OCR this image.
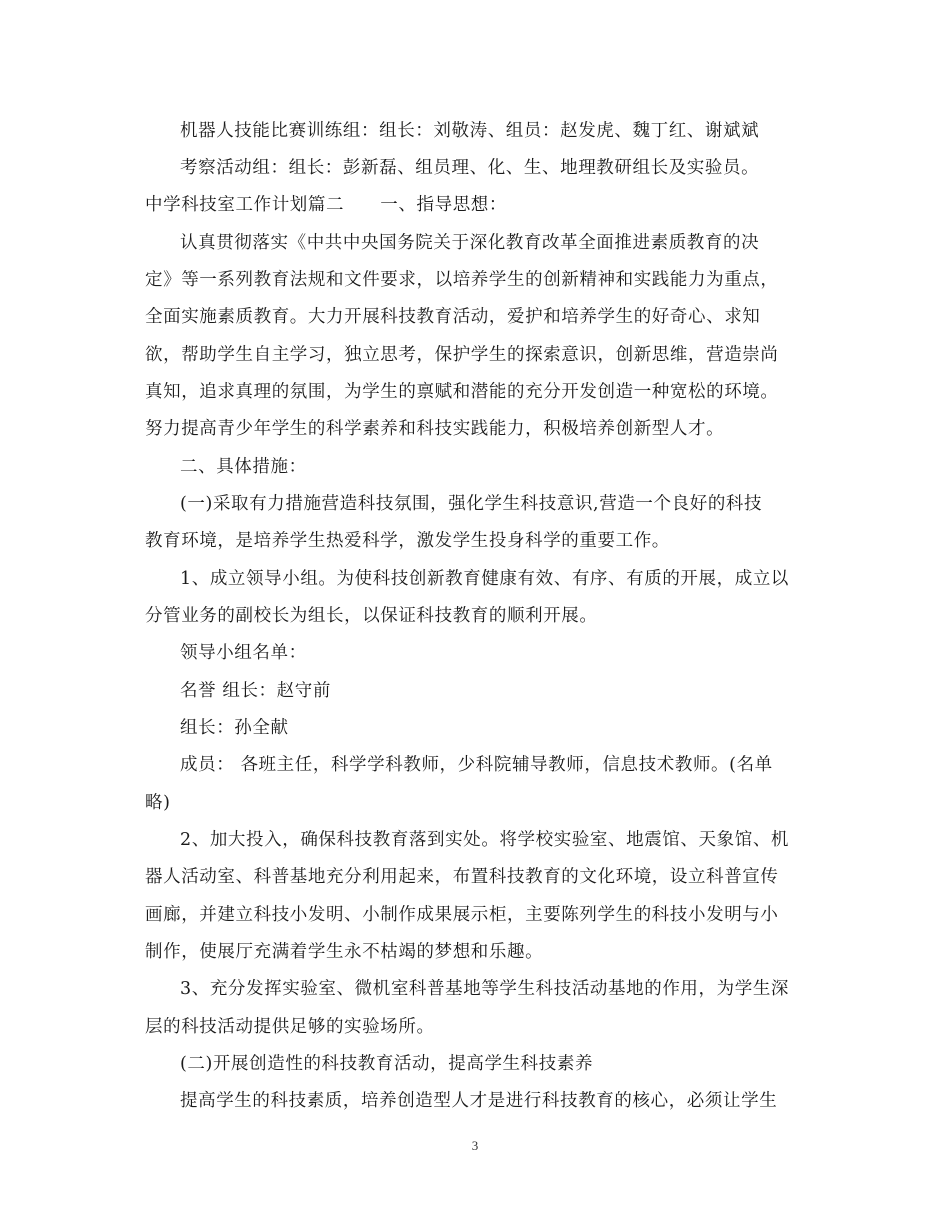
机器人技能比赛训练组：组长：刘敬涛、组员：赵发虎、魏丁红、谢斌斌
考察活动组：组长：彭新磊、组员理、化、生、地理教研组长及实验员。
中学科技室工作计划篇二　　一、指导思想：
认真贯彻落实《中共中央国务院关于深化教育改革全面推进素质教育的决
定》等一系列教育法规和文件要求，以培养学生的创新精神和实践能力为重点，
全面实施素质教育。大力开展科技教育活动，爱护和培养学生的好奇心、求知
欲，帮助学生自主学习，独立思考，保护学生的探索意识，创新思维，营造崇尚
真知，追求真理的氛围，为学生的禀赋和潜能的充分开发创造一种宽松的环境。
努力提高青少年学生的科学素养和科技实践能力，积极培养创新型人才。
二、具体措施：
(一)采取有力措施营造科技氛围，强化学生科技意识,营造一个良好的科技
教育环境，是培养学生热爱科学，激发学生投身科学的重要工作。
1、成立领导小组。为使科技创新教育健康有效、有序、有质的开展，成立以
分管业务的副校长为组长，以保证科技教育的顺利开展。
领导小组名单：
名誉 组长：赵守前
组长：孙全献
成员： 各班主任，科学学科教师，少科院辅导教师，信息技术教师。(名单
略)
2、加大投入，确保科技教育落到实处。将学校实验室、地震馆、天象馆、机
器人活动室、科普基地充分利用起来，布置科技教育的文化环境，设立科普宣传
画廊，并建立科技小发明、小制作成果展示柜，主要陈列学生的科技小发明与小
制作，使展厅充满着学生永不枯竭的梦想和乐趣。
3、充分发挥实验室、微机室科普基地等学生科技活动基地的作用，为学生深
层的科技活动提供足够的实验场所。
(二)开展创造性的科技教育活动，提高学生科技素养
提高学生的科技素质，培养创造型人才是进行科技教育的核心，必须让学生
3
